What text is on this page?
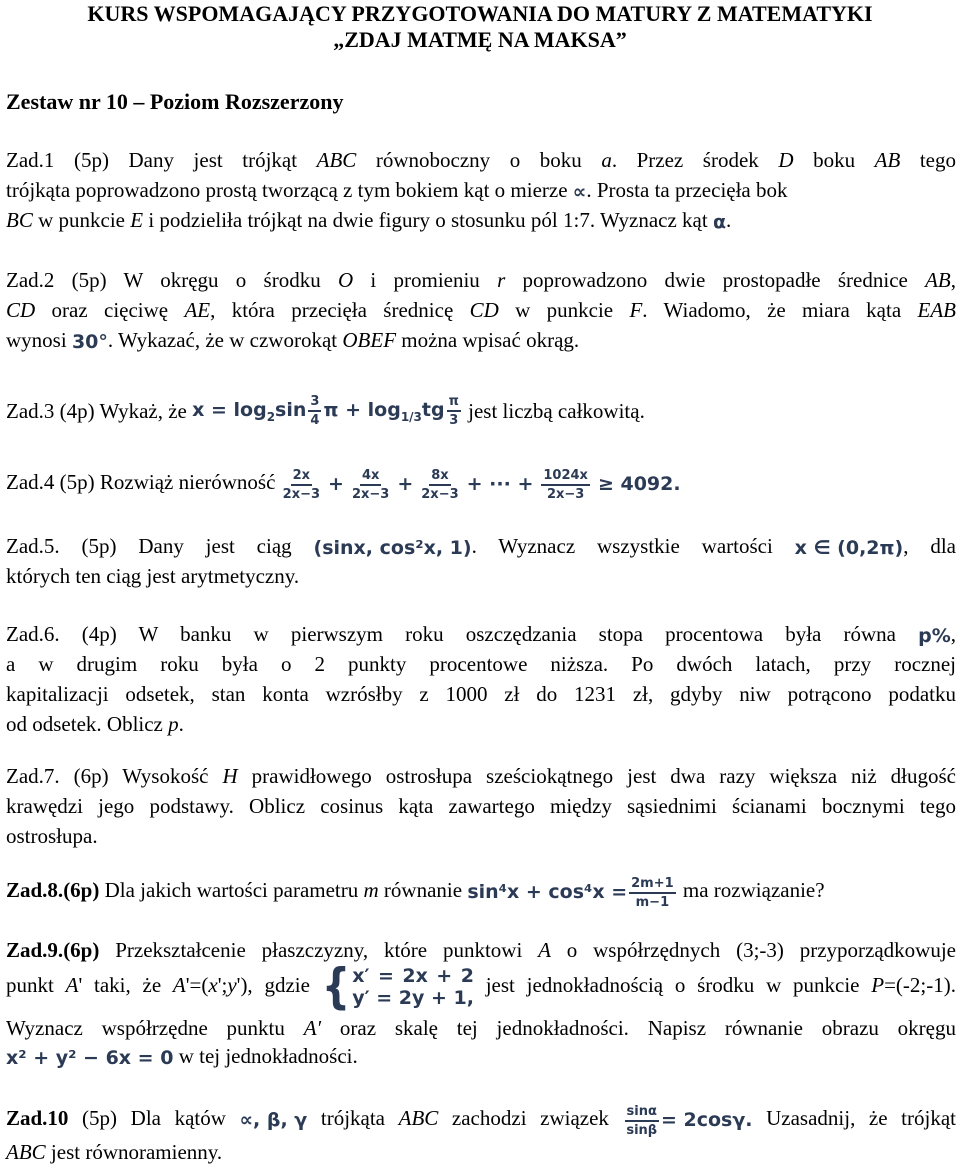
KURS WSPOMAGAJĄCY PRZYGOTOWANIA DO MATURY Z MATEMATYKI
„ZDAJ MATMĘ NA MAKSA”
Zestaw nr 10 – Poziom Rozszerzony
Zad.1 (5p) Dany jest trójkąt ABC równoboczny o boku a. Przez środek D boku AB tego
trójkąta poprowadzono prostą tworzącą z tym bokiem kąt o mierze ∝. Prosta ta przecięła bok
BC w punkcie E i podzieliła trójkąt na dwie figury o stosunku pól 1:7. Wyznacz kąt α.
Zad.2 (5p) W okręgu o środku O i promieniu r poprowadzono dwie prostopadłe średnice AB,
CD oraz cięciwę AE, która przecięła średnicę CD w punkcie F. Wiadomo, że miara kąta EAB
wynosi 30°. Wykazać, że w czworokąt OBEF można wpisać okrąg.
Zad.3 (4p) Wykaż, że $x = \log_2\sin \frac{3}{4}$ $\pi + \log_{1/3}tg \frac{\pi}{3}$ jest liczbą całkowitą.
Zad.4 (5p) Rozwiąż nierówność $\frac{2x}{2x-3} + \frac{4x}{2x-3} + \frac{8x}{2x-3}$ + ··· + $\frac{1024x}{2x-3} \ge 4092$.
Zad.5. (5p) Dany jest ciąg (sinx, cos²x, 1). Wyznacz wszystkie wartości x ∈ (0,2π), dla
których ten ciąg jest arytmetyczny.
Zad.6. (4p) W banku w pierwszym roku oszczędzania stopa procentowa była równa p%,
a w drugim roku była o 2 punkty procentowe niższa. Po dwóch latach, przy rocznej
kapitalizacji odsetek, stan konta wzrósłby z 1000 zł do 1231 zł, gdyby niw potrącono podatku
od odsetek. Oblicz p.
Zad.7. (6p) Wysokość H prawidłowego ostrosłupa sześciokątnego jest dwa razy większa niż długość
krawędzi jego podstawy. Oblicz cosinus kąta zawartego między sąsiednimi ścianami bocznymi tego
ostrosłupa.
Zad.8.(6p) Dla jakich wartości parametru m równanie $\sin^4x + \cos^4x = \frac{2m+1}{m-1}$ ma rozwiązanie?
Zad.9.(6p) Przekształcenie płaszczyzny, które punktowi A o współrzędnych (3;-3) przyporządkowuje
punkt A' taki, że A'=(x';y'), gdzie { x′ = 2x + 2
y′ = 2y + 1,
jest jednokładnością o środku w punkcie P=(-2;-1).
Wyznacz współrzędne punktu A′ oraz skalę tej jednokładności. Napisz równanie obrazu okręgu
x² + y² − 6x = 0 w tej jednokładności.
Zad.10 (5p) Dla kątów ∝, β, γ trójkąta ABC zachodzi związek $\frac{\sin\alpha}{\sin\beta} = 2\cos\gamma$. Uzasadnij, że trójkąt
ABC jest równoramienny.
